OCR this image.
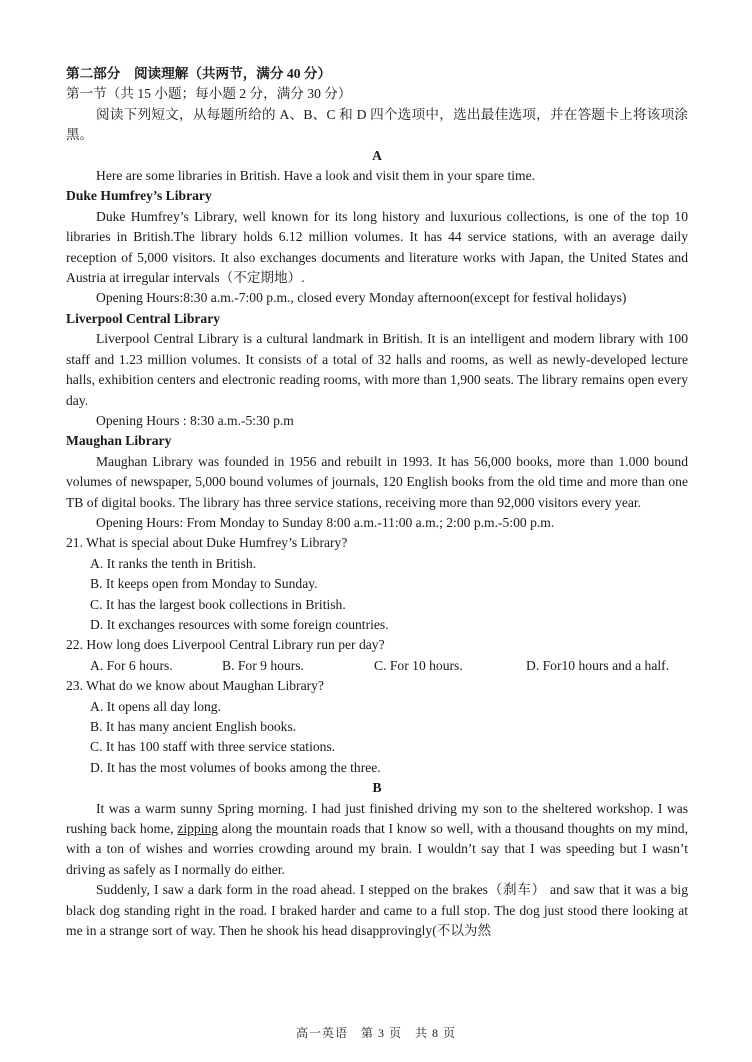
第二部分　阅读理解（共两节，满分 40 分）
第一节（共 15 小题；每小题 2 分，满分 30 分）
阅读下列短文，从每题所给的 A、B、C 和 D 四个选项中，选出最佳选项，并在答题卡上将该项涂黑。
A
Here are some libraries in British. Have a look and visit them in your spare time.
Duke Humfrey’s Library
Duke Humfrey’s Library, well known for its long history and luxurious collections, is one of the top 10 libraries in British.The library holds 6.12 million volumes. It has 44 service stations, with an average daily reception of 5,000 visitors. It also exchanges documents and literature works with Japan, the United States and Austria at irregular intervals（不定期地）.
Opening Hours:8:30 a.m.-7:00 p.m., closed every Monday afternoon(except for festival holidays)
Liverpool Central Library
Liverpool Central Library is a cultural landmark in British. It is an intelligent and modern library with 100 staff and 1.23 million volumes. It consists of a total of 32 halls and rooms, as well as newly-developed lecture halls, exhibition centers and electronic reading rooms, with more than 1,900 seats. The library remains open every day.
Opening Hours : 8:30 a.m.-5:30 p.m
Maughan Library
Maughan Library was founded in 1956 and rebuilt in 1993. It has 56,000 books, more than 1.000 bound volumes of newspaper, 5,000 bound volumes of journals, 120 English books from the old time and more than one TB of digital books. The library has three service stations, receiving more than 92,000 visitors every year.
Opening Hours: From Monday to Sunday 8:00 a.m.-11:00 a.m.; 2:00 p.m.-5:00 p.m.
21. What is special about Duke Humfrey’s Library?
A. It ranks the tenth in British.
B. It keeps open from Monday to Sunday.
C. It has the largest book collections in British.
D. It exchanges resources with some foreign countries.
22. How long does Liverpool Central Library run per day?
A. For 6 hours.	B. For 9 hours.	C. For 10 hours.	D. For10 hours and a half.
23. What do we know about Maughan Library?
A. It opens all day long.
B. It has many ancient English books.
C. It has 100 staff with three service stations.
D. It has the most volumes of books among the three.
B
It was a warm sunny Spring morning. I had just finished driving my son to the sheltered workshop. I was rushing back home, zipping along the mountain roads that I know so well, with a thousand thoughts on my mind, with a ton of wishes and worries crowding around my brain. I wouldn’t say that I was speeding but I wasn’t driving as safely as I normally do either.
Suddenly, I saw a dark form in the road ahead. I stepped on the brakes（刹车） and saw that it was a big black dog standing right in the road. I braked harder and came to a full stop. The dog just stood there looking at me in a strange sort of way. Then he shook his head disapprovingly(不以为然
高一英语　第 3 页　共 8 页
